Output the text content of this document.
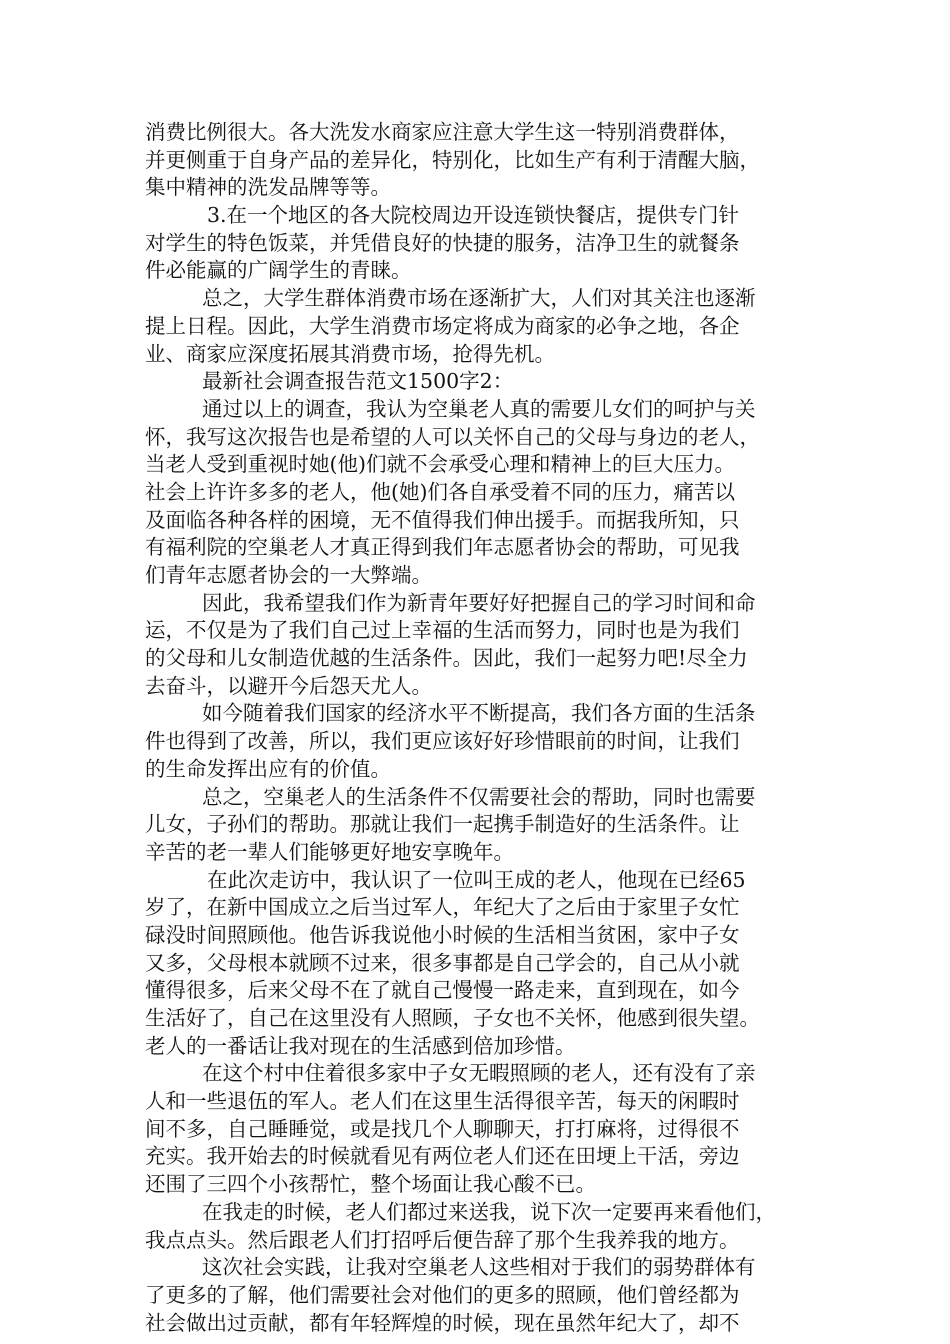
消费比例很大。各大洗发水商家应注意大学生这一特别消费群体，
并更侧重于自身产品的差异化，特别化，比如生产有利于清醒大脑，
集中精神的洗发品牌等等。
3.在一个地区的各大院校周边开设连锁快餐店，提供专门针
对学生的特色饭菜，并凭借良好的快捷的服务，洁净卫生的就餐条
件必能赢的广阔学生的青睐。
总之，大学生群体消费市场在逐渐扩大，人们对其关注也逐渐
提上日程。因此，大学生消费市场定将成为商家的必争之地，各企
业、商家应深度拓展其消费市场，抢得先机。
最新社会调查报告范文1500字2：
通过以上的调查，我认为空巢老人真的需要儿女们的呵护与关
怀，我写这次报告也是希望的人可以关怀自己的父母与身边的老人，
当老人受到重视时她(他)们就不会承受心理和精神上的巨大压力。
社会上许许多多的老人，他(她)们各自承受着不同的压力，痛苦以
及面临各种各样的困境，无不值得我们伸出援手。而据我所知，只
有福利院的空巢老人才真正得到我们年志愿者协会的帮助，可见我
们青年志愿者协会的一大弊端。
因此，我希望我们作为新青年要好好把握自己的学习时间和命
运，不仅是为了我们自己过上幸福的生活而努力，同时也是为我们
的父母和儿女制造优越的生活条件。因此，我们一起努力吧!尽全力
去奋斗，以避开今后怨天尤人。
如今随着我们国家的经济水平不断提高，我们各方面的生活条
件也得到了改善，所以，我们更应该好好珍惜眼前的时间，让我们
的生命发挥出应有的价值。
总之，空巢老人的生活条件不仅需要社会的帮助，同时也需要
儿女，子孙们的帮助。那就让我们一起携手制造好的生活条件。让
辛苦的老一辈人们能够更好地安享晚年。
在此次走访中，我认识了一位叫王成的老人，他现在已经65
岁了，在新中国成立之后当过军人，年纪大了之后由于家里子女忙
碌没时间照顾他。他告诉我说他小时候的生活相当贫困，家中子女
又多，父母根本就顾不过来，很多事都是自己学会的，自己从小就
懂得很多，后来父母不在了就自己慢慢一路走来，直到现在，如今
生活好了，自己在这里没有人照顾，子女也不关怀，他感到很失望。
老人的一番话让我对现在的生活感到倍加珍惜。
在这个村中住着很多家中子女无暇照顾的老人，还有没有了亲
人和一些退伍的军人。老人们在这里生活得很辛苦，每天的闲暇时
间不多，自己睡睡觉，或是找几个人聊聊天，打打麻将，过得很不
充实。我开始去的时候就看见有两位老人们还在田埂上干活，旁边
还围了三四个小孩帮忙，整个场面让我心酸不已。
在我走的时候，老人们都过来送我，说下次一定要再来看他们，
我点点头。然后跟老人们打招呼后便告辞了那个生我养我的地方。
这次社会实践，让我对空巢老人这些相对于我们的弱势群体有
了更多的了解，他们需要社会对他们的更多的照顾，他们曾经都为
社会做出过贡献，都有年轻辉煌的时候，现在虽然年纪大了，却不
